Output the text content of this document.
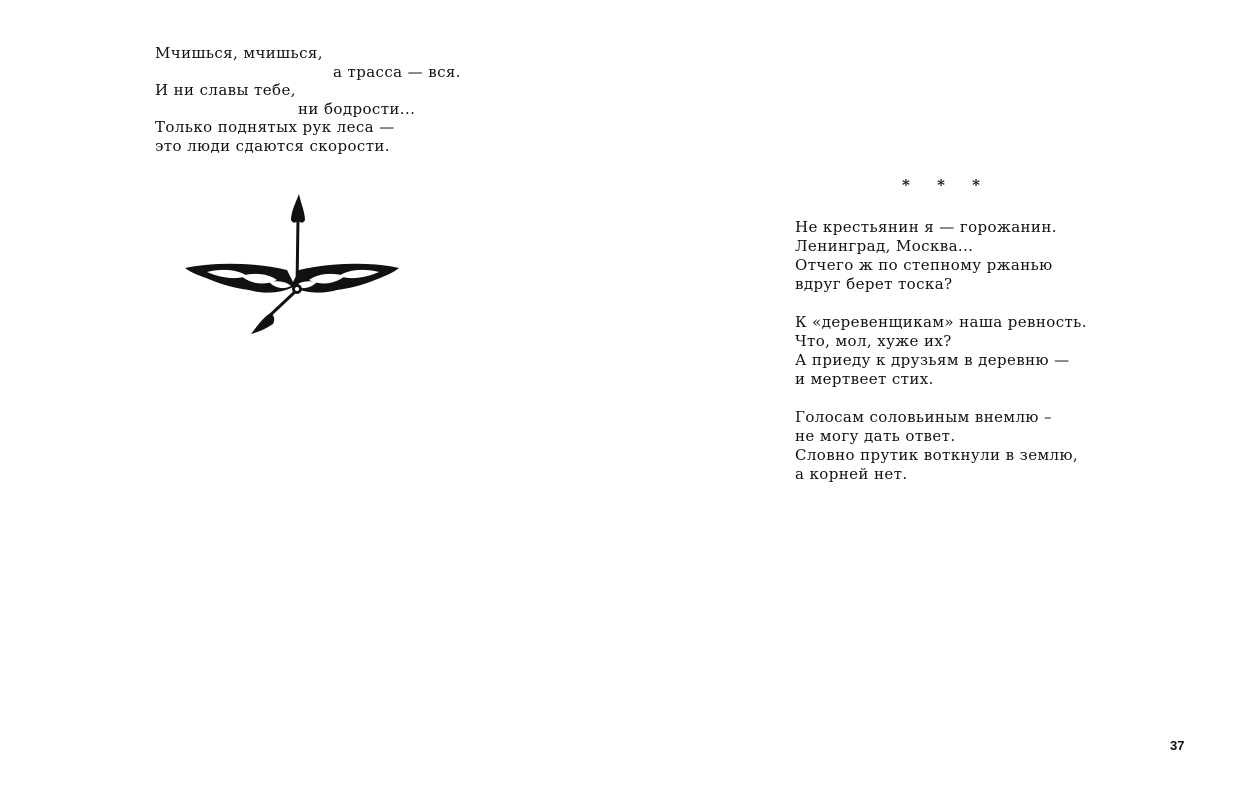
Мчишься, мчишься,
а трасса — вся.
И ни славы тебе,
ни бодрости...
Только поднятых рук леса —
это люди сдаются скорости.
* * *
Не крестьянин я — горожанин.
Ленинград, Москва...
Отчего ж по степному ржанью
вдруг берет тоска?
К «деревенщикам» наша ревность.
Что, мол, хуже их?
А приеду к друзьям в деревню —
и мертвеет стих.
Голосам соловьиным внемлю –
не могу дать ответ.
Словно прутик воткнули в землю,
а корней нет.
37
